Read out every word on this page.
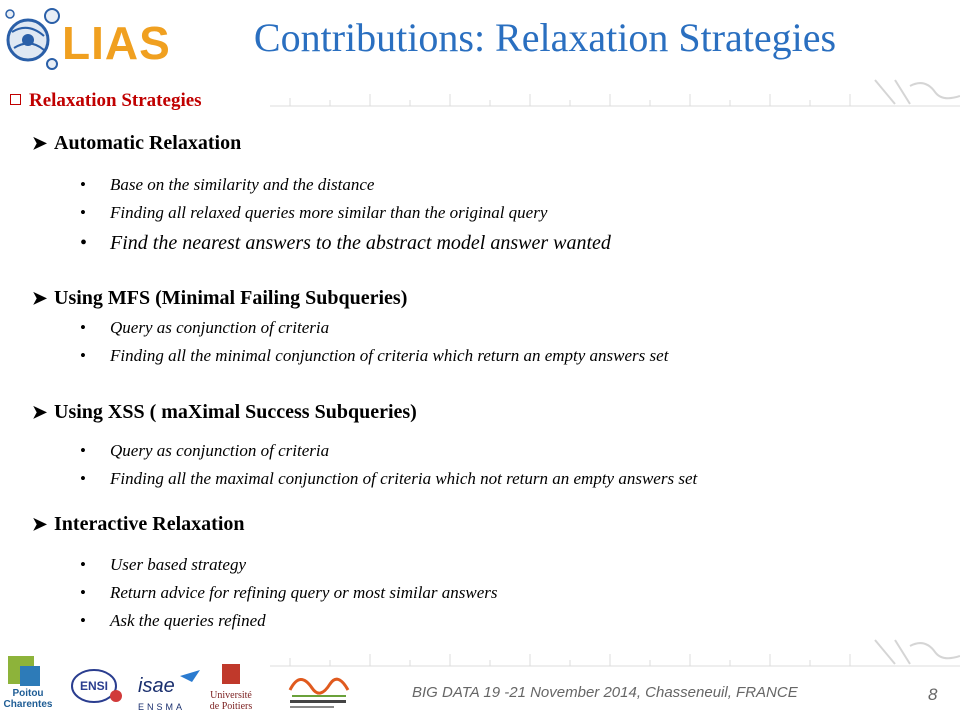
LIAS	Contributions: Relaxation Strategies
Relaxation Strategies
➤ Automatic Relaxation
• Base on the similarity and the distance
• Finding all relaxed queries more similar than the original query
• Find the nearest answers to the abstract model answer wanted
➤ Using MFS (Minimal Failing Subqueries)
• Query as conjunction of criteria
• Finding all the minimal conjunction of criteria which return an empty answers set
➤ Using XSS ( maXimal Success Subqueries)
• Query as conjunction of criteria
• Finding all the maximal conjunction of criteria which not return an empty answers set
➤ Interactive Relaxation
• User based strategy
• Return advice for refining query or most similar answers
• Ask the queries refined
Poitou
Charentes
ENSI isae
ENSMA
Université
de Poitiers
BIG DATA 19 -21 November 2014, Chasseneuil, FRANCE	8
